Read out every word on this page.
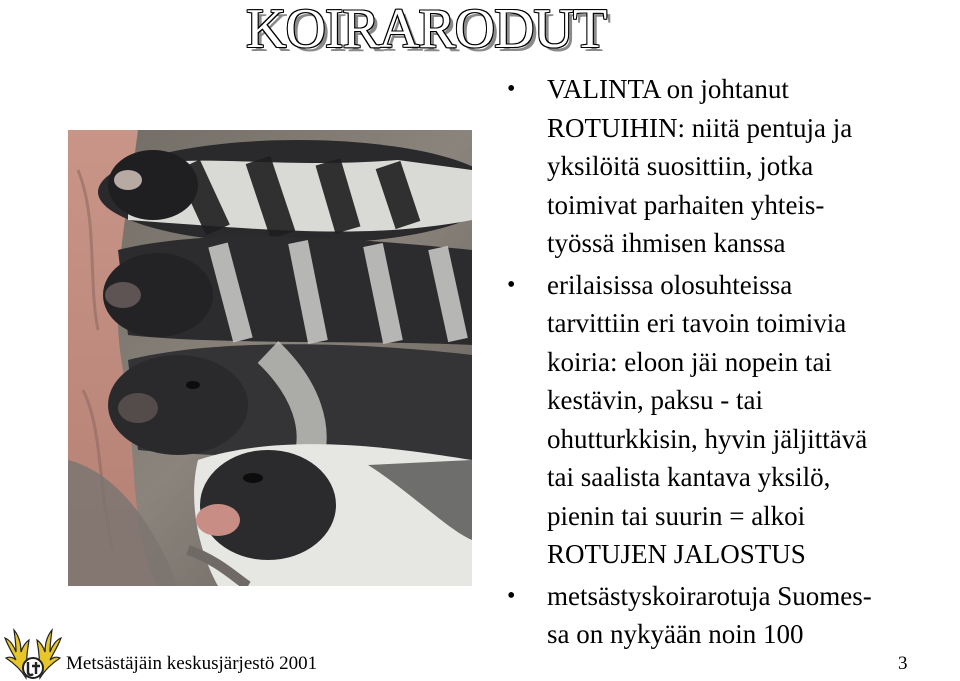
KOIRARODUT
• VALINTA on johtanut
ROTUIHIN: niitä pentuja ja
yksilöitä suosittiin, jotka
toimivat parhaiten yhteis-
työssä ihmisen kanssa
• erilaisissa olosuhteissa
tarvittiin eri tavoin toimivia
koiria: eloon jäi nopein tai
kestävin, paksu - tai
ohutturkkisin, hyvin jäljittävä
tai saalista kantava yksilö,
pienin tai suurin = alkoi
ROTUJEN JALOSTUS
• metsästyskoirarotuja Suomes-
sa on nykyään noin 100
Metsästäjäin keskusjärjestö 2001	3
